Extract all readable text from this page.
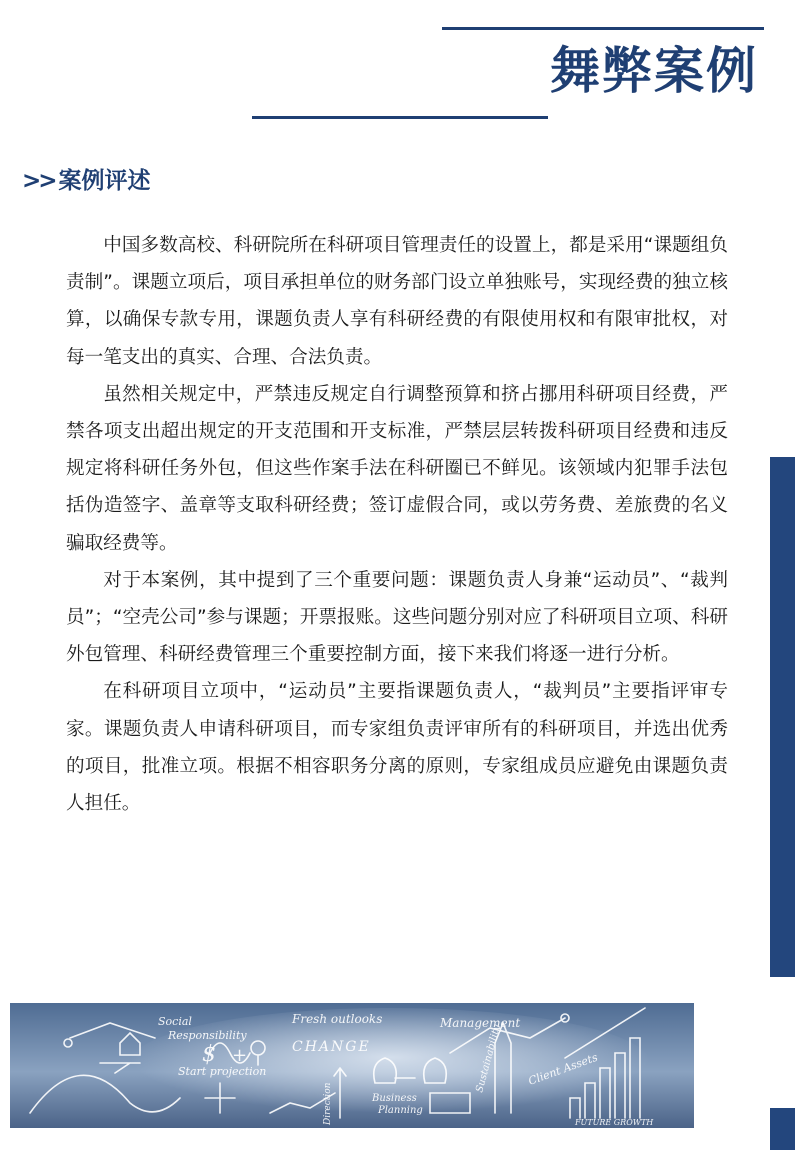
舞弊案例
>> 案例评述

中国多数高校、科研院所在科研项目管理责任的设置上，都是采用“课题组负责制”。课题立项后，项目承担单位的财务部门设立单独账号，实现经费的独立核算，以确保专款专用，课题负责人享有科研经费的有限使用权和有限审批权，对每一笔支出的真实、合理、合法负责。

虽然相关规定中，严禁违反规定自行调整预算和挤占挪用科研项目经费，严禁各项支出超出规定的开支范围和开支标准，严禁层层转拨科研项目经费和违反规定将科研任务外包，但这些作案手法在科研圈已不鲜见。该领域内犯罪手法包括伪造签字、盖章等支取科研经费；签订虚假合同，或以劳务费、差旅费的名义骗取经费等。

对于本案例，其中提到了三个重要问题：课题负责人身兼“运动员”、“裁判员”；“空壳公司”参与课题；开票报账。这些问题分别对应了科研项目立项、科研外包管理、科研经费管理三个重要控制方面，接下来我们将逐一进行分析。

在科研项目立项中，“运动员”主要指课题负责人，“裁判员”主要指评审专家。课题负责人申请科研项目，而专家组负责评审所有的科研项目，并选出优秀的项目，批准立项。根据不相容职务分离的原则，专家组成员应避免由课题负责人担任。

Social
Responsibility
Fresh outlooks	Management
CHANGE
Start projection
Business
Planning
Sustainability Client Assets
FUTURE GROWTH
Direction
$ +
